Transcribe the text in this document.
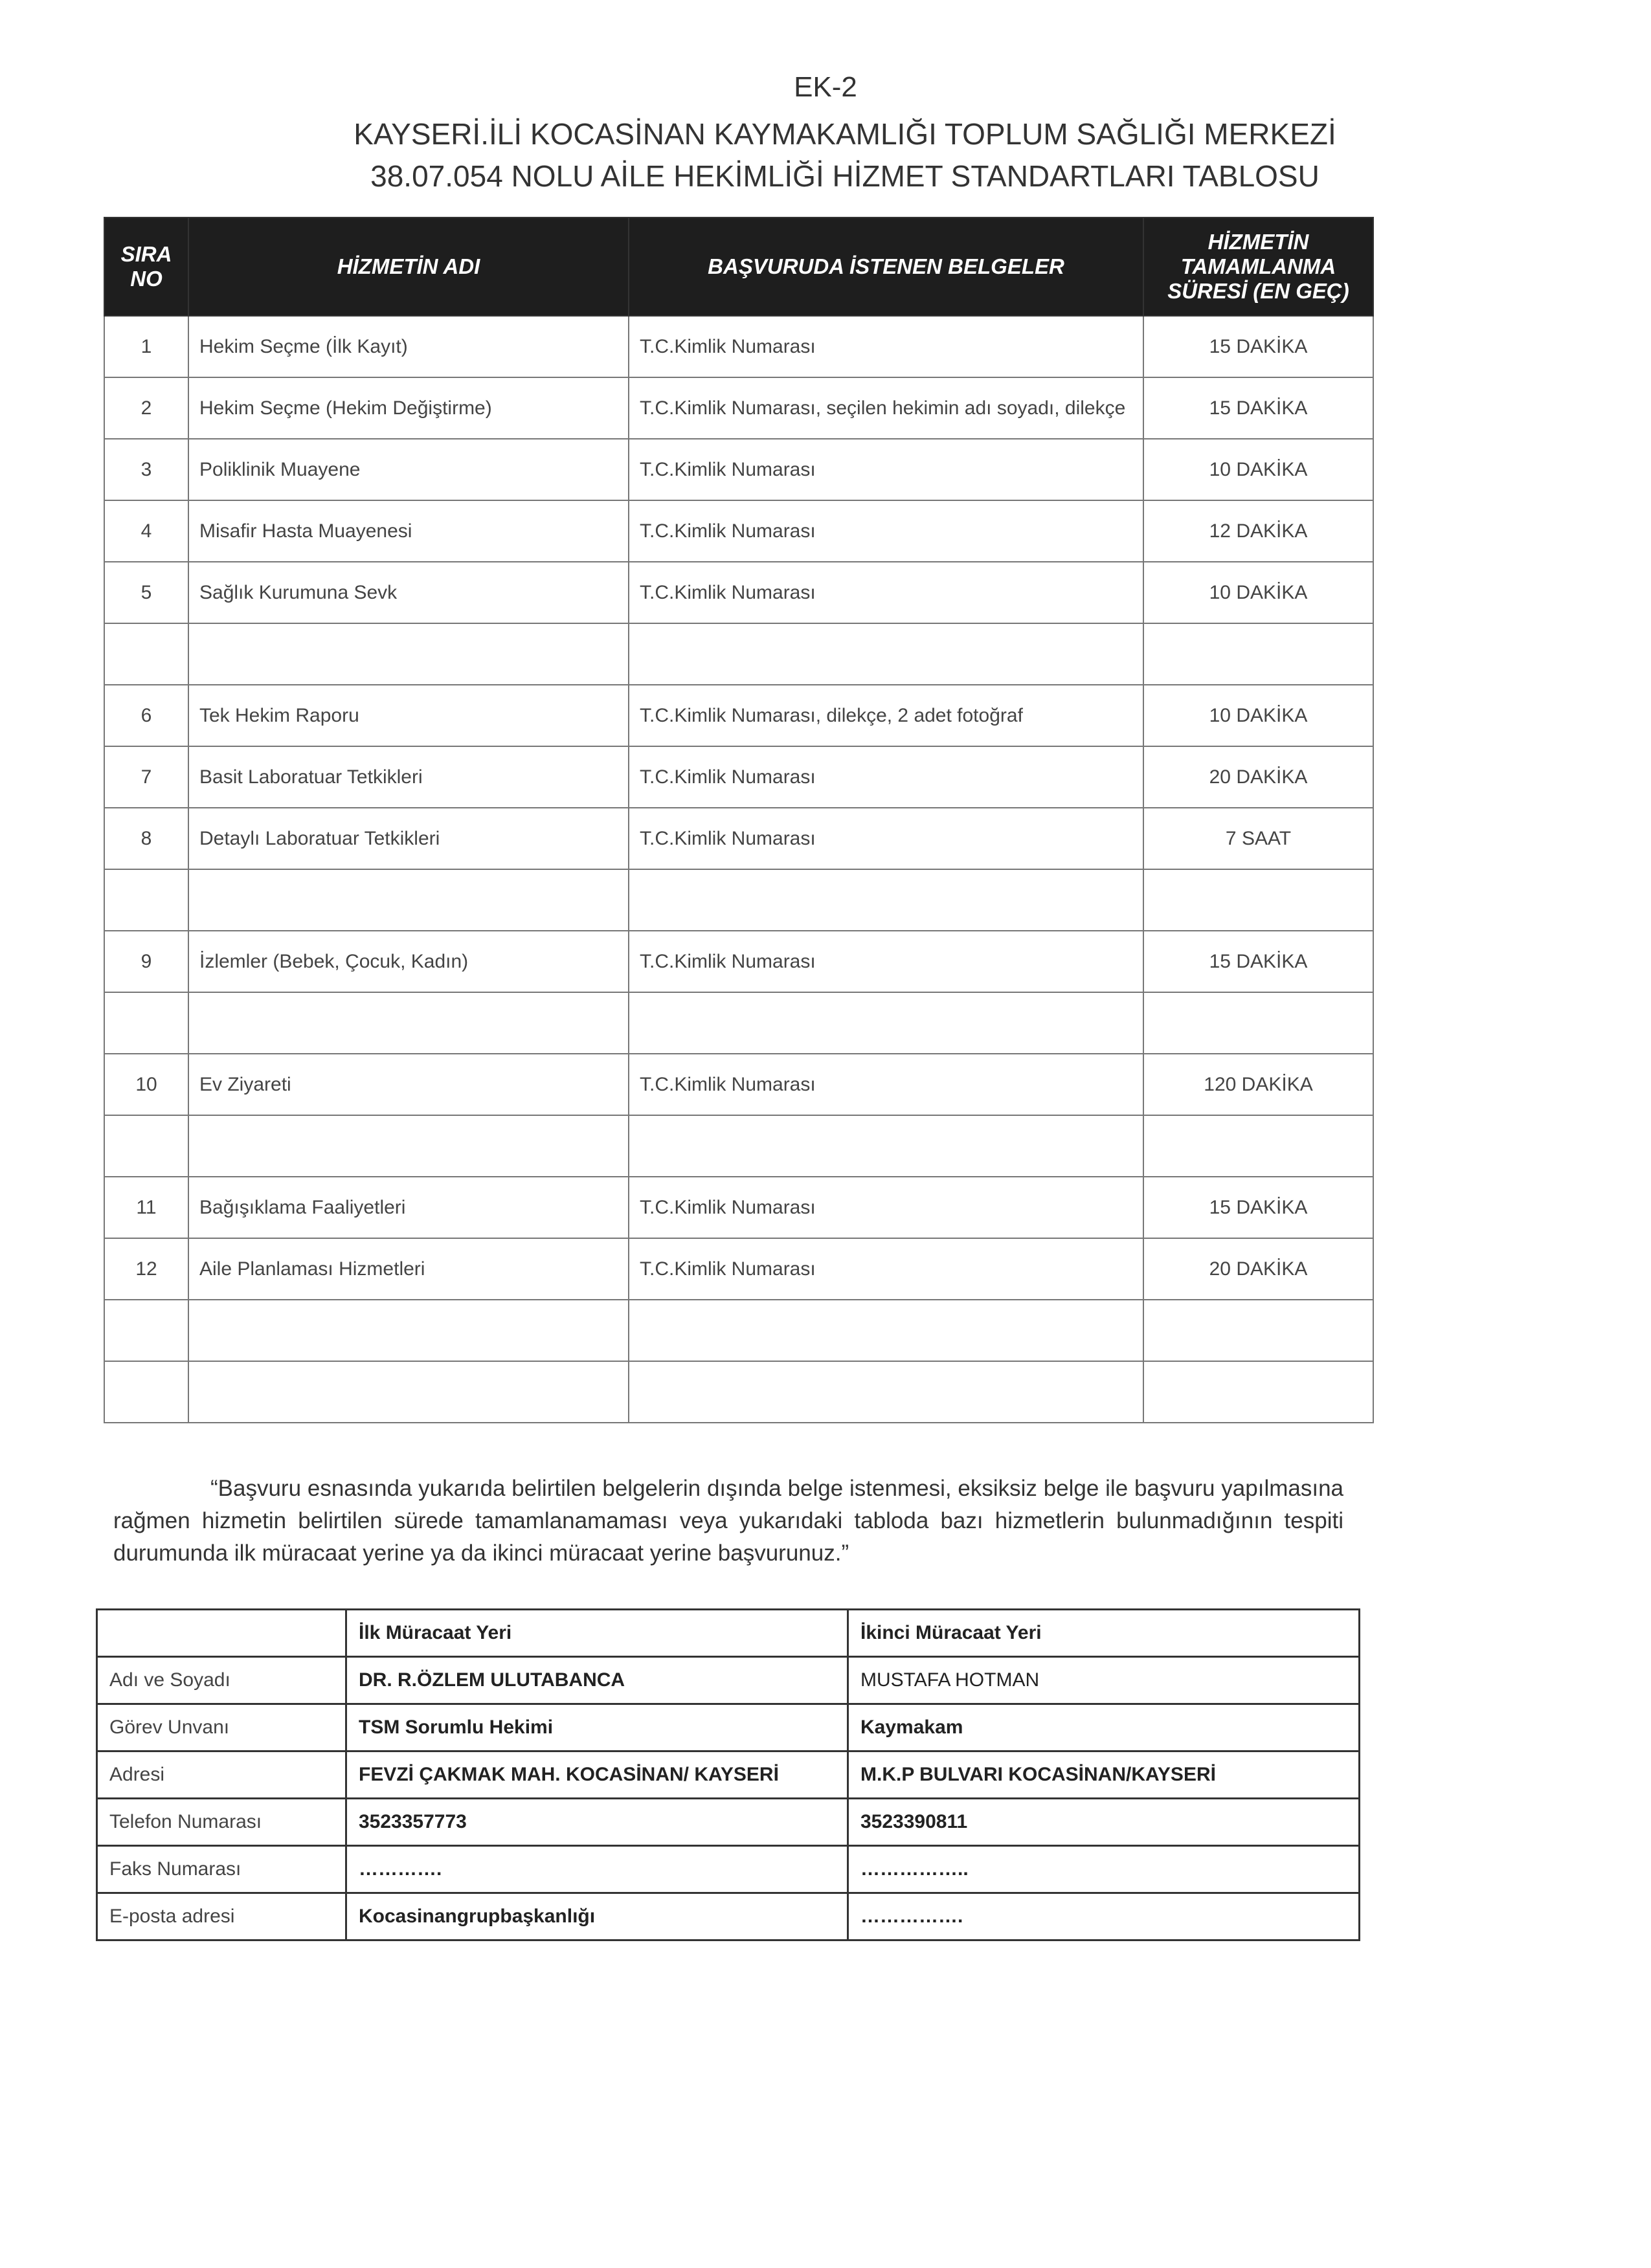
EK-2
KAYSERİ.İLİ KOCASİNAN KAYMAKAMLIĞI TOPLUM SAĞLIĞI MERKEZİ
38.07.054 NOLU AİLE HEKİMLİĞİ HİZMET STANDARTLARI TABLOSU
SIRA NO	HİZMETİN ADI	BAŞVURUDA İSTENEN BELGELER	HİZMETİN TAMAMLANMA SÜRESİ (EN GEÇ)
1	Hekim Seçme (İlk Kayıt)	T.C.Kimlik Numarası	15 DAKİKA
2	Hekim Seçme (Hekim Değiştirme)	T.C.Kimlik Numarası, seçilen hekimin adı soyadı, dilekçe	15 DAKİKA
3	Poliklinik Muayene	T.C.Kimlik Numarası	10 DAKİKA
4	Misafir Hasta Muayenesi	T.C.Kimlik Numarası	12 DAKİKA
5	Sağlık Kurumuna Sevk	T.C.Kimlik Numarası	10 DAKİKA

6	Tek Hekim Raporu	T.C.Kimlik Numarası, dilekçe, 2 adet fotoğraf	10 DAKİKA
7	Basit Laboratuar Tetkikleri	T.C.Kimlik Numarası	20 DAKİKA
8	Detaylı Laboratuar Tetkikleri	T.C.Kimlik Numarası	7 SAAT

9	İzlemler (Bebek, Çocuk, Kadın)	T.C.Kimlik Numarası	15 DAKİKA

10	Ev Ziyareti	T.C.Kimlik Numarası	120 DAKİKA

11	Bağışıklama Faaliyetleri	T.C.Kimlik Numarası	15 DAKİKA
12	Aile Planlaması Hizmetleri	T.C.Kimlik Numarası	20 DAKİKA

“Başvuru esnasında yukarıda belirtilen belgelerin dışında belge istenmesi, eksiksiz belge ile başvuru yapılmasına rağmen hizmetin belirtilen sürede tamamlanamaması veya yukarıdaki tabloda bazı hizmetlerin bulunmadığının tespiti durumunda ilk müracaat yerine ya da ikinci müracaat yerine başvurunuz.”
	İlk Müracaat Yeri	İkinci Müracaat Yeri
Adı ve Soyadı	DR. R.ÖZLEM ULUTABANCA	MUSTAFA HOTMAN
Görev Unvanı	TSM Sorumlu Hekimi	Kaymakam
Adresi	FEVZİ ÇAKMAK MAH. KOCASİNAN/ KAYSERİ	M.K.P BULVARI KOCASİNAN/KAYSERİ
Telefon Numarası	3523357773	3523390811
Faks Numarası	………….	……………..
E-posta adresi	Kocasinangrupbaşkanlığı	…………….
